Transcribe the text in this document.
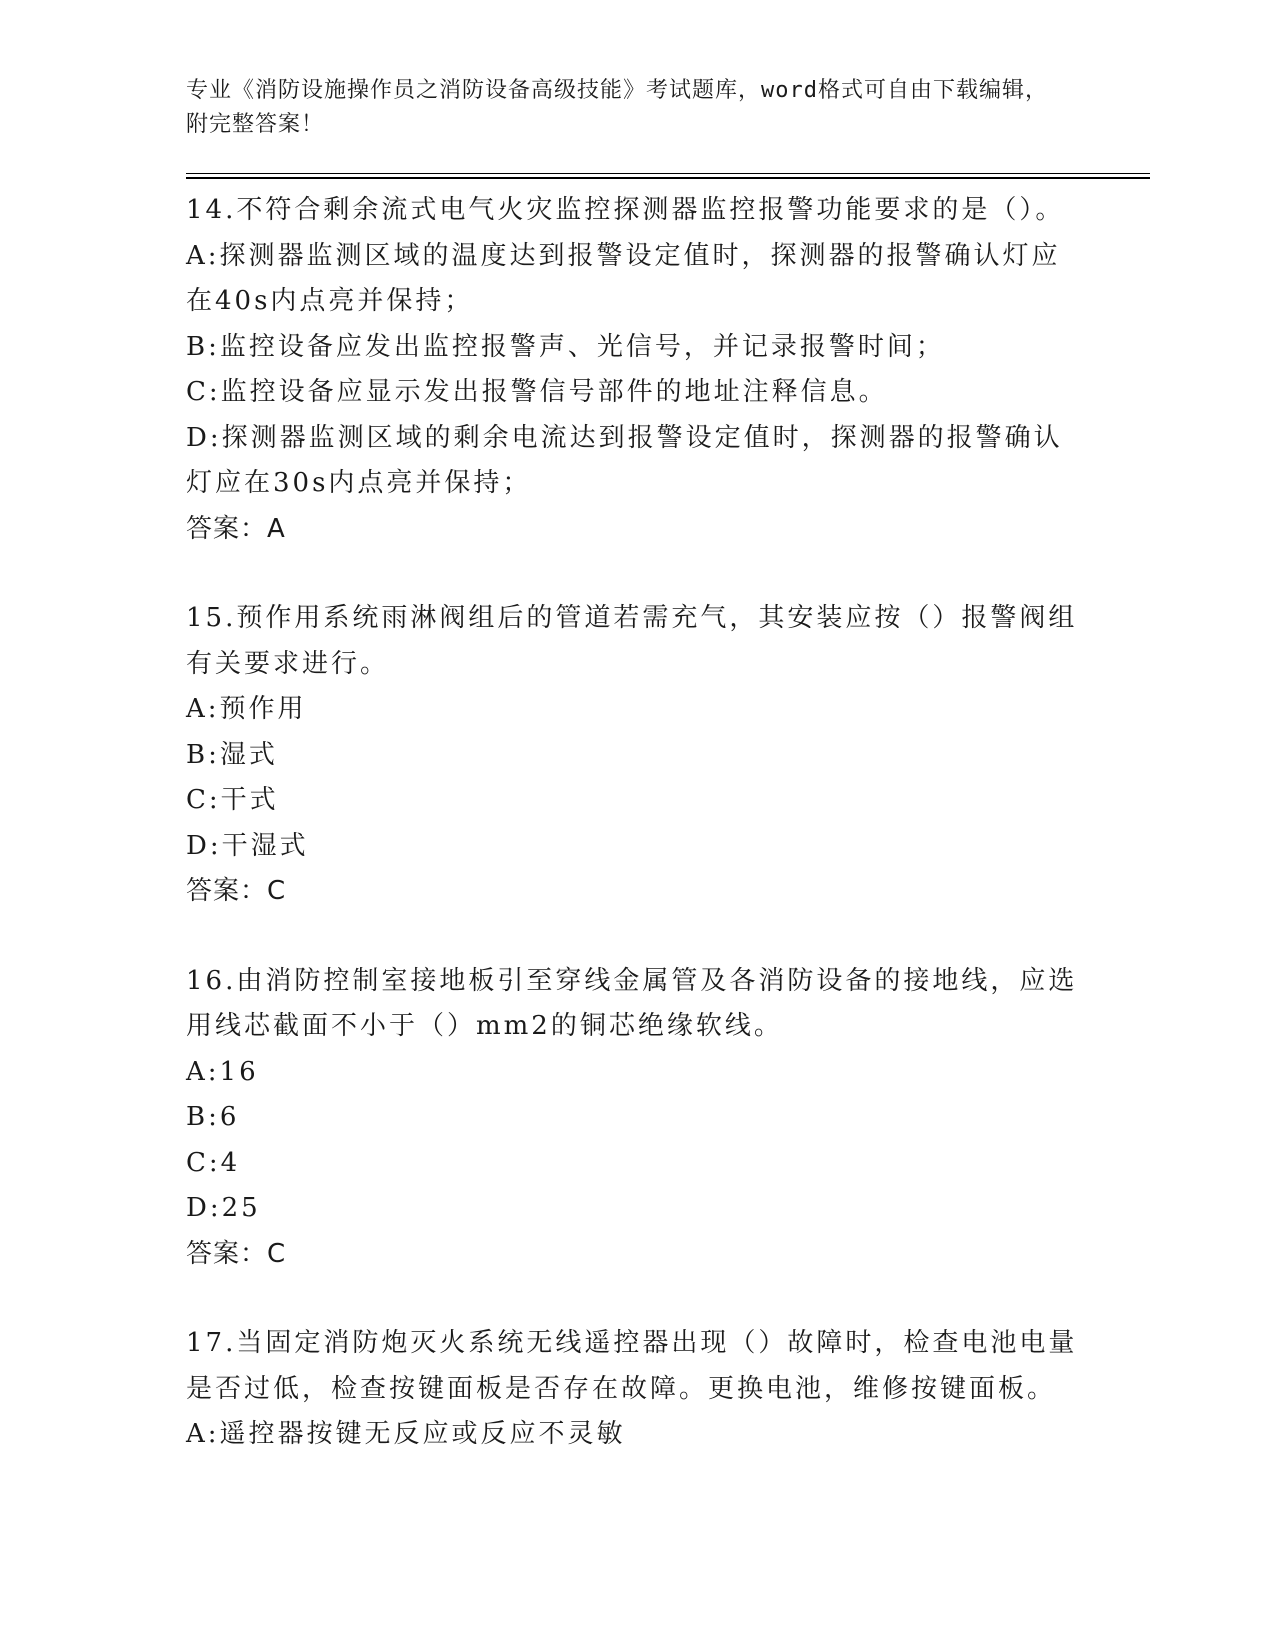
专业《消防设施操作员之消防设备高级技能》考试题库，word格式可自由下载编辑，附完整答案！
14.不符合剩余流式电气火灾监控探测器监控报警功能要求的是（）。
A:探测器监测区域的温度达到报警设定值时，探测器的报警确认灯应在40s内点亮并保持；
B:监控设备应发出监控报警声、光信号，并记录报警时间；
C:监控设备应显示发出报警信号部件的地址注释信息。
D:探测器监测区域的剩余电流达到报警设定值时，探测器的报警确认灯应在30s内点亮并保持；
答案：A
15.预作用系统雨淋阀组后的管道若需充气，其安装应按（）报警阀组有关要求进行。
A:预作用
B:湿式
C:干式
D:干湿式
答案：C
16.由消防控制室接地板引至穿线金属管及各消防设备的接地线，应选用线芯截面不小于（）mm2的铜芯绝缘软线。
A:16
B:6
C:4
D:25
答案：C
17.当固定消防炮灭火系统无线遥控器出现（）故障时，检查电池电量是否过低，检查按键面板是否存在故障。更换电池，维修按键面板。
A:遥控器按键无反应或反应不灵敏
